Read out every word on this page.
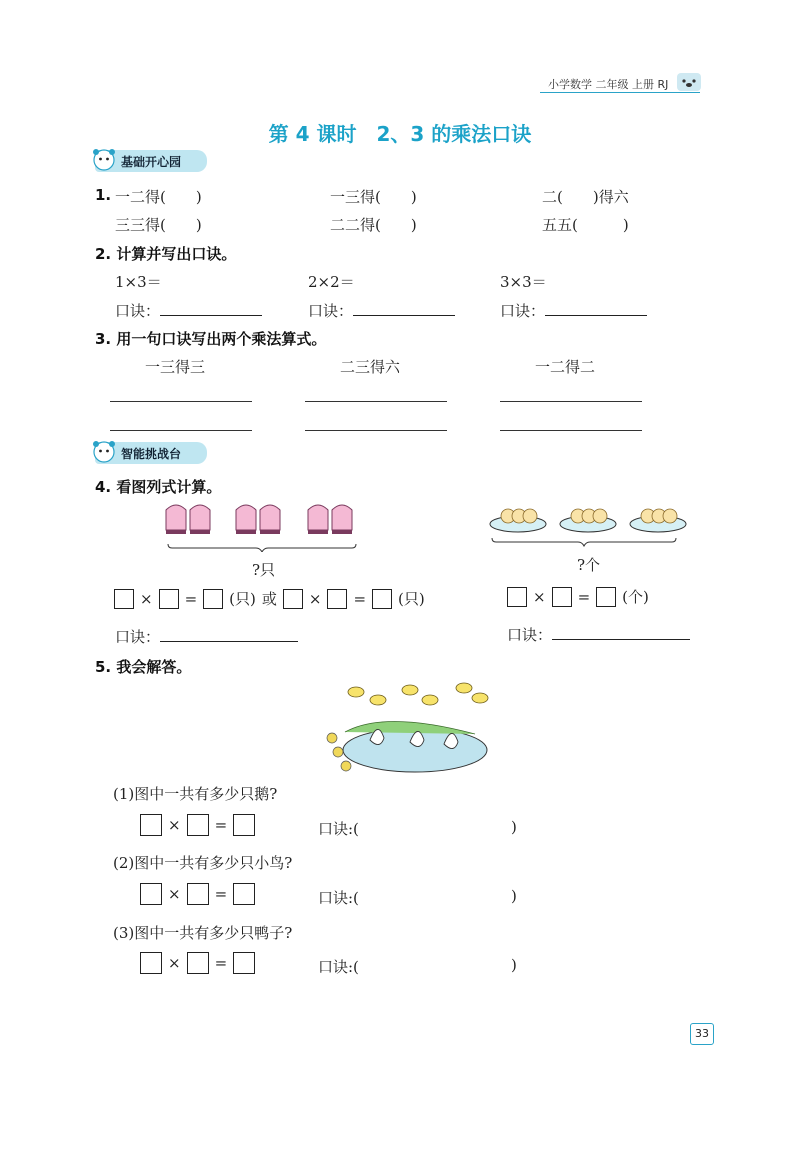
小学数学 二年级 上册 RJ
第 4 课时　2、3 的乘法口诀
基础开心园
1. 一二得(　　)	一三得(　　)	二(　　)得六
三三得(　　)	二二得(　　)	五五(　　　)
2. 计算并写出口诀。
1×3＝	2×2＝	3×3＝
口诀：	口诀：	口诀：
3. 用一句口诀写出两个乘法算式。
一三得三	二三得六	一二得二
智能挑战台
4. 看图列式计算。
?只	?个
× = (只) 或 × = (只)	× = (个)
口诀：	口诀：
5. 我会解答。
(1)图中一共有多少只鹅?
× =	口诀:(	)
(2)图中一共有多少只小鸟?
× =	口诀:(	)
(3)图中一共有多少只鸭子?
× =	口诀:(	)
33
